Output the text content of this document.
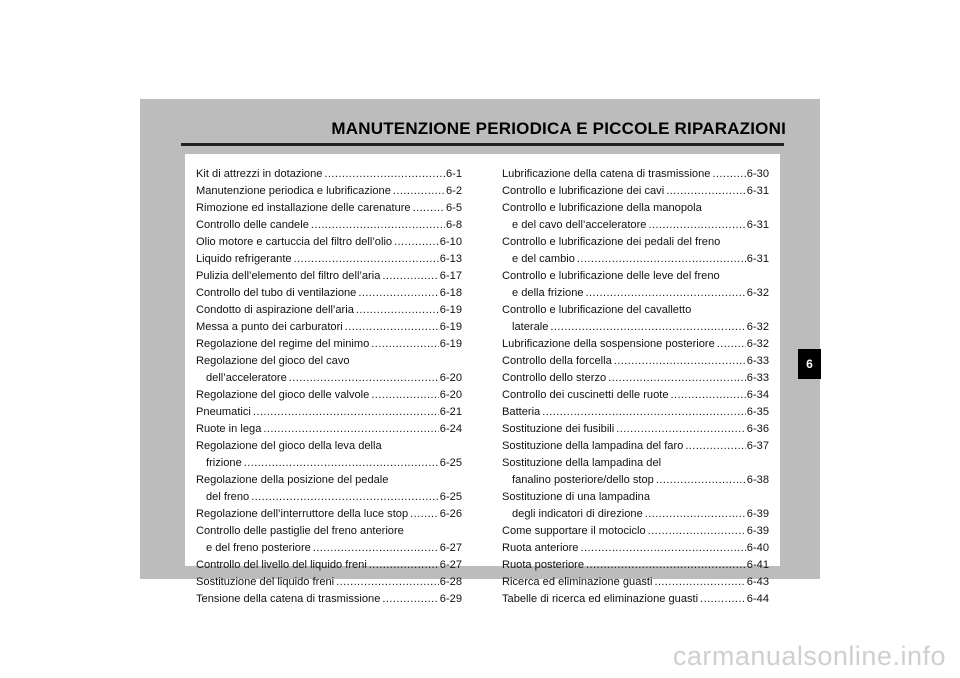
MANUTENZIONE PERIODICA E PICCOLE RIPARAZIONI
Kit di attrezzi in dotazione .....	6-1
Manutenzione periodica e lubrificazione .....	6-2
Rimozione ed installazione delle carenature .....	6-5
Controllo delle candele .....	6-8
Olio motore e cartuccia del filtro dell’olio .....	6-10
Liquido refrigerante .....	6-13
Pulizia dell’elemento del filtro dell’aria .....	6-17
Controllo del tubo di ventilazione .....	6-18
Condotto di aspirazione dell’aria .....	6-19
Messa a punto dei carburatori .....	6-19
Regolazione del regime del minimo .....	6-19
Regolazione del gioco del cavo
dell’acceleratore .....	6-20
Regolazione del gioco delle valvole .....	6-20
Pneumatici .....	6-21
Ruote in lega .....	6-24
Regolazione del gioco della leva della
frizione .....	6-25
Regolazione della posizione del pedale
del freno .....	6-25
Regolazione dell’interruttore della luce stop .....	6-26
Controllo delle pastiglie del freno anteriore
e del freno posteriore .....	6-27
Controllo del livello del liquido freni .....	6-27
Sostituzione del liquido freni .....	6-28
Tensione della catena di trasmissione .....	6-29
Lubrificazione della catena di trasmissione .....	6-30
Controllo e lubrificazione dei cavi .....	6-31
Controllo e lubrificazione della manopola
e del cavo dell’acceleratore .....	6-31
Controllo e lubrificazione dei pedali del freno
e del cambio .....	6-31
Controllo e lubrificazione delle leve del freno
e della frizione .....	6-32
Controllo e lubrificazione del cavalletto
laterale .....	6-32
Lubrificazione della sospensione posteriore .....	6-32
Controllo della forcella .....	6-33
Controllo dello sterzo .....	6-33
Controllo dei cuscinetti delle ruote .....	6-34
Batteria .....	6-35
Sostituzione dei fusibili .....	6-36
Sostituzione della lampadina del faro .....	6-37
Sostituzione della lampadina del
fanalino posteriore/dello stop .....	6-38
Sostituzione di una lampadina
degli indicatori di direzione .....	6-39
Come supportare il motociclo .....	6-39
Ruota anteriore .....	6-40
Ruota posteriore .....	6-41
Ricerca ed eliminazione guasti .....	6-43
Tabelle di ricerca ed eliminazione guasti .....	6-44
6
carmanualsonline.info
